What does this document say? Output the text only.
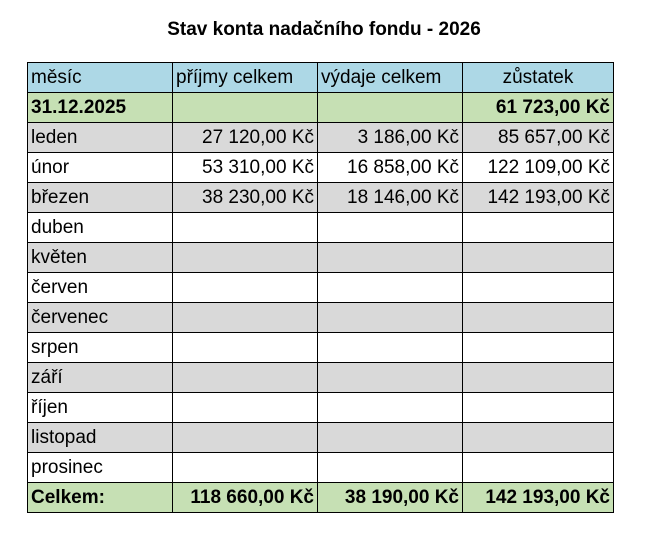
Stav konta nadačního fondu - 2026
měsíc	příjmy celkem	výdaje celkem	zůstatek
31.12.2025			61 723,00 Kč
leden	27 120,00 Kč	3 186,00 Kč	85 657,00 Kč
únor	53 310,00 Kč	16 858,00 Kč	122 109,00 Kč
březen	38 230,00 Kč	18 146,00 Kč	142 193,00 Kč
duben			
květen			
červen			
červenec			
srpen			
září			
říjen			
listopad			
prosinec			
Celkem:	118 660,00 Kč	38 190,00 Kč	142 193,00 Kč
